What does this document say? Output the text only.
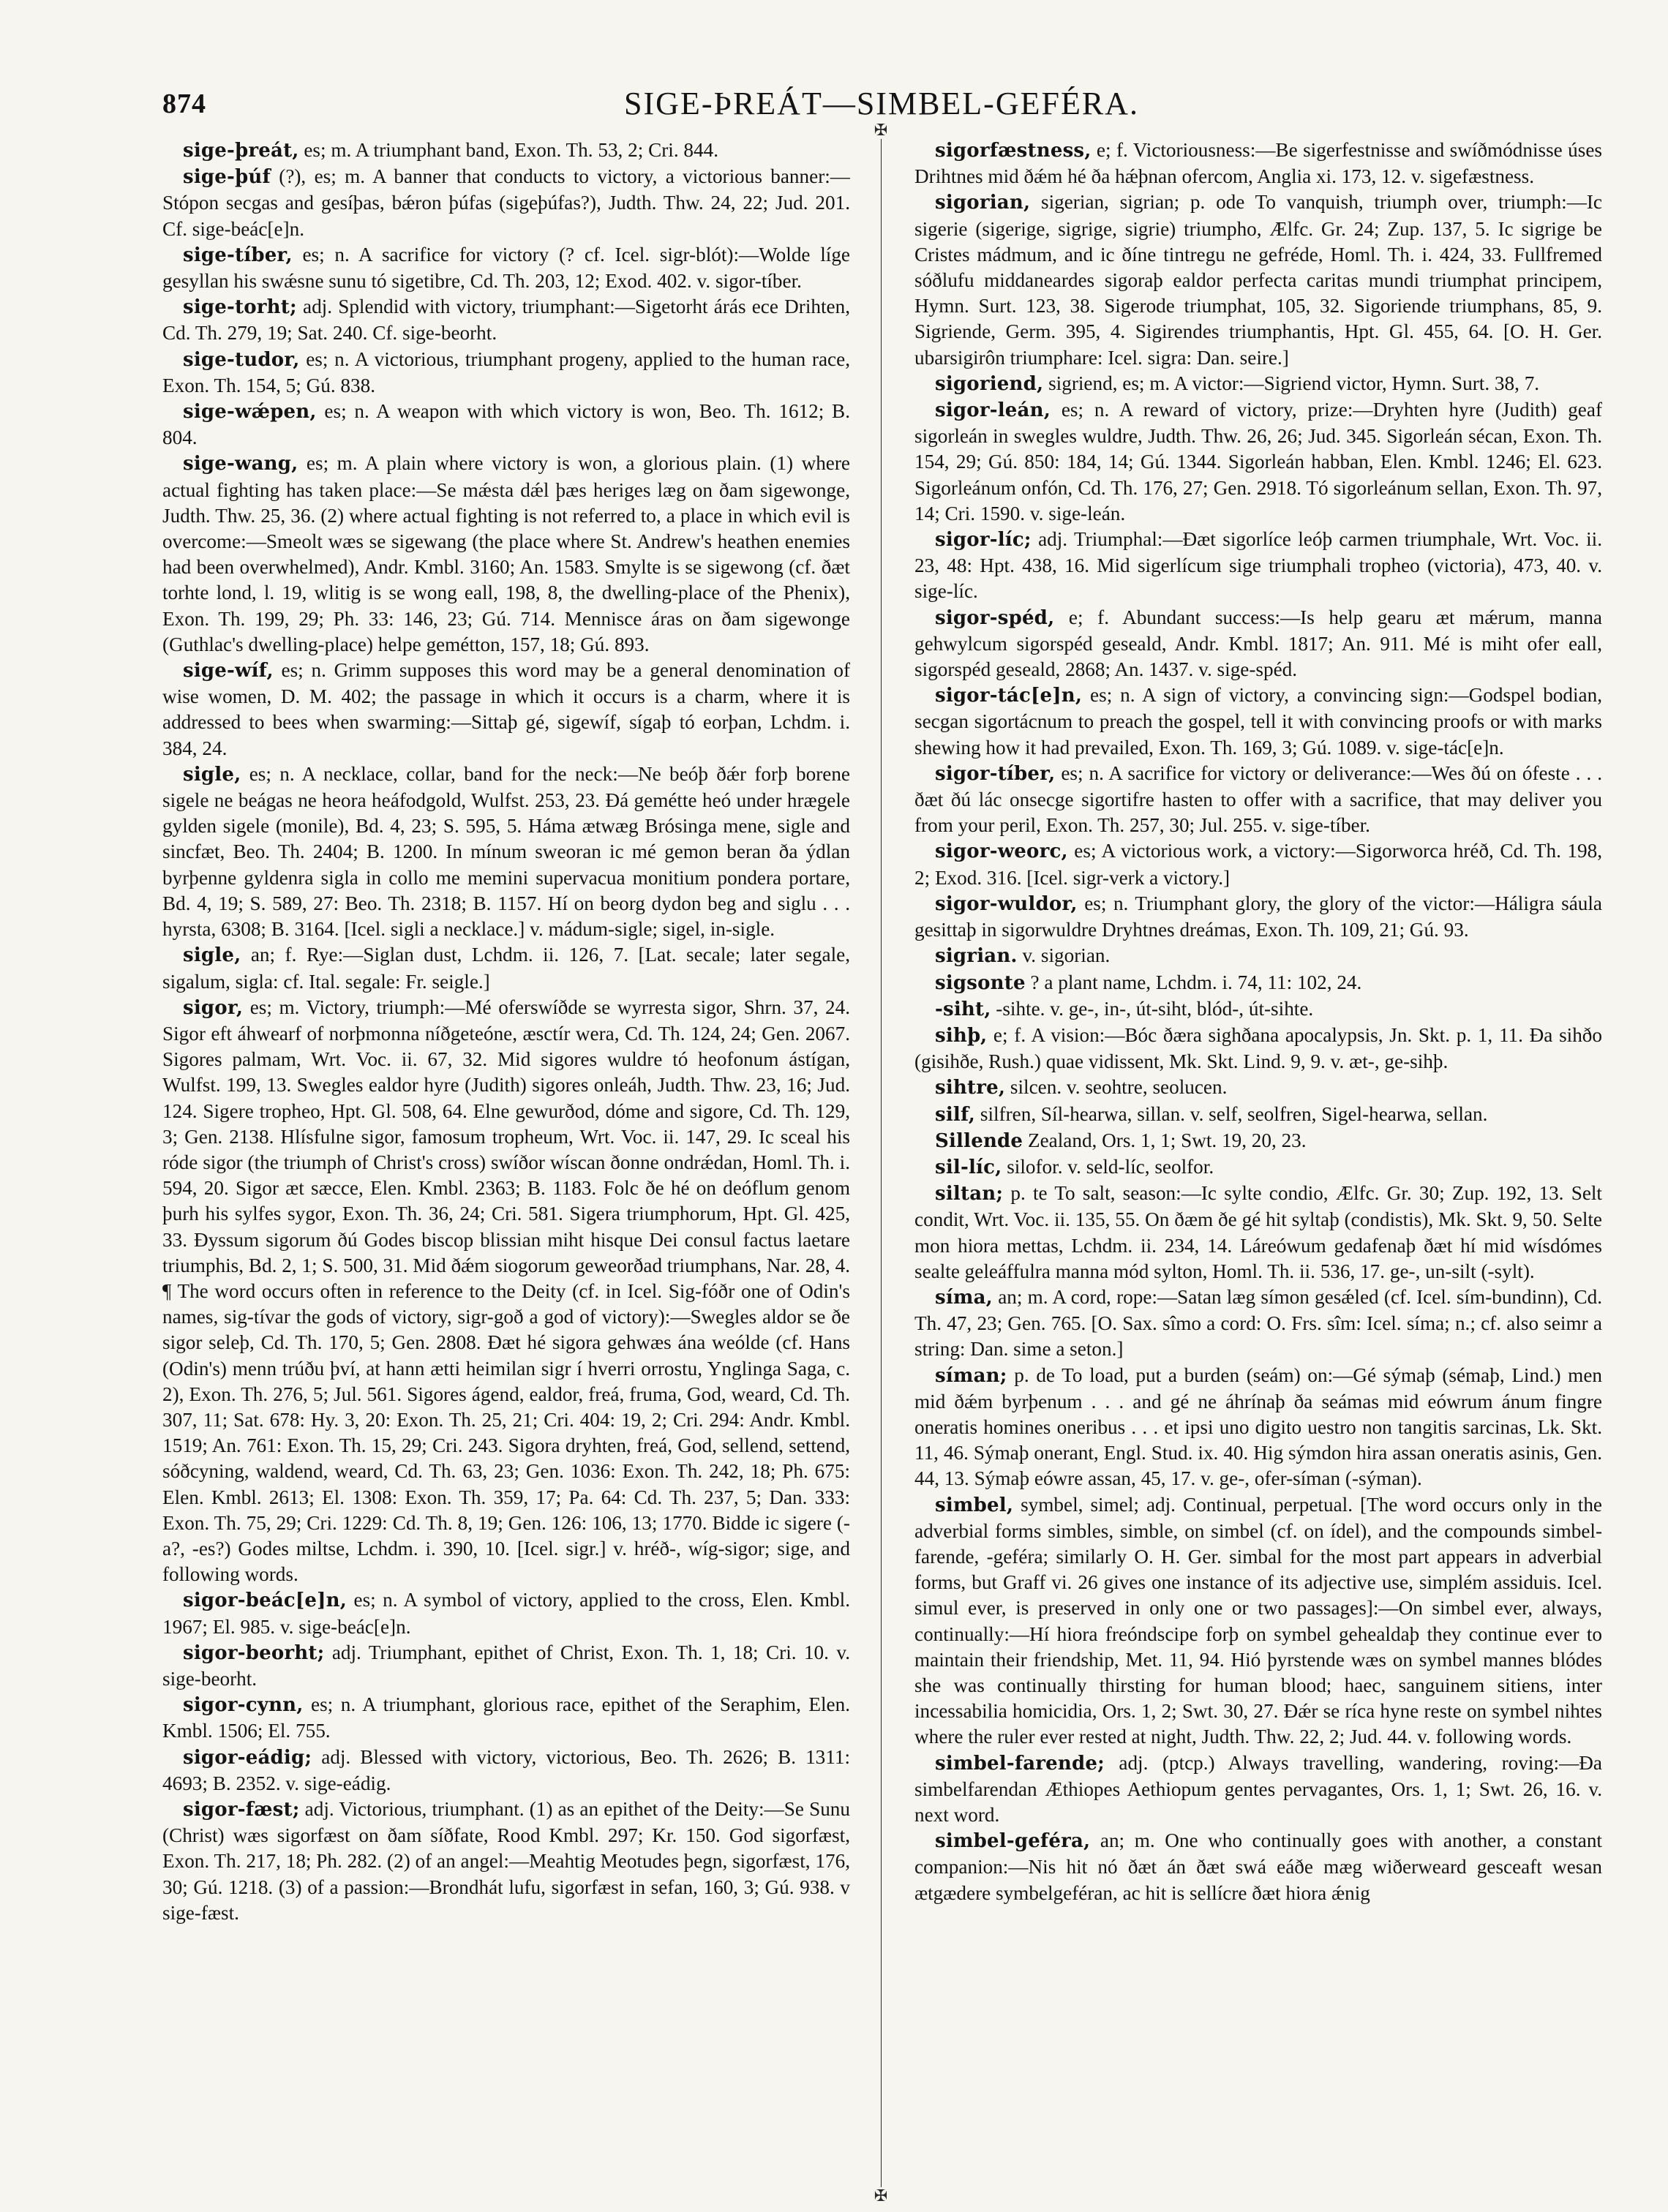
874	SIGE-ÞREÁT—SIMBEL-GEFÉRA.

sige-þreát, es; m. A triumphant band, Exon. Th. 53, 2; Cri. 844.

sige-þúf (?), es; m. A banner that conducts to victory, a victorious banner:—Stópon secgas and gesíþas, bǽron þúfas (sigeþúfas?), Judth. Thw. 24, 22; Jud. 201. Cf. sige-beác[e]n.

sige-tíber, es; n. A sacrifice for victory (? cf. Icel. sigr-blót):—Wolde líge gesyllan his swǽsne sunu tó sigetibre, Cd. Th. 203, 12; Exod. 402. v. sigor-tíber.

sige-torht; adj. Splendid with victory, triumphant:—Sigetorht árás ece Drihten, Cd. Th. 279, 19; Sat. 240. Cf. sige-beorht.

sige-tudor, es; n. A victorious, triumphant progeny, applied to the human race, Exon. Th. 154, 5; Gú. 838.

sige-wǽpen, es; n. A weapon with which victory is won, Beo. Th. 1612; B. 804.

sige-wang, es; m. A plain where victory is won, a glorious plain. (1) where actual fighting has taken place:—Se mǽsta dǽl þæs heriges læg on ðam sigewonge, Judth. Thw. 25, 36. (2) where actual fighting is not referred to, a place in which evil is overcome:—Smeolt wæs se sigewang (the place where St. Andrew's heathen enemies had been overwhelmed), Andr. Kmbl. 3160; An. 1583. Smylte is se sigewong (cf. ðæt torhte lond, l. 19, wlitig is se wong eall, 198, 8, the dwelling-place of the Phenix), Exon. Th. 199, 29; Ph. 33: 146, 23; Gú. 714. Mennisce áras on ðam sigewonge (Guthlac's dwelling-place) helpe gemétton, 157, 18; Gú. 893.

sige-wíf, es; n. Grimm supposes this word may be a general denomination of wise women, D. M. 402; the passage in which it occurs is a charm, where it is addressed to bees when swarming:—Sittaþ gé, sigewíf, sígaþ tó eorþan, Lchdm. i. 384, 24.

sigle, es; n. A necklace, collar, band for the neck:—Ne beóþ ðǽr forþ borene sigele ne beágas ne heora heáfodgold, Wulfst. 253, 23. Ðá gemétte heó under hrægele gylden sigele (monile), Bd. 4, 23; S. 595, 5. Háma ætwæg Brósinga mene, sigle and sincfæt, Beo. Th. 2404; B. 1200. In mínum sweoran ic mé gemon beran ða ýdlan byrþenne gyldenra sigla in collo me memini supervacua monitium pondera portare, Bd. 4, 19; S. 589, 27: Beo. Th. 2318; B. 1157. Hí on beorg dydon beg and siglu . . . hyrsta, 6308; B. 3164. [Icel. sigli a necklace.] v. mádum-sigle; sigel, in-sigle.

sigle, an; f. Rye:—Siglan dust, Lchdm. ii. 126, 7. [Lat. secale; later segale, sigalum, sigla: cf. Ital. segale: Fr. seigle.]

sigor, es; m. Victory, triumph:—Mé oferswíðde se wyrresta sigor, Shrn. 37, 24. Sigor eft áhwearf of norþmonna níðgeteóne, æsctír wera, Cd. Th. 124, 24; Gen. 2067. Sigores palmam, Wrt. Voc. ii. 67, 32. Mid sigores wuldre tó heofonum ástígan, Wulfst. 199, 13. Swegles ealdor hyre (Judith) sigores onleáh, Judth. Thw. 23, 16; Jud. 124. Sigere tropheo, Hpt. Gl. 508, 64. Elne gewurðod, dóme and sigore, Cd. Th. 129, 3; Gen. 2138. Hlísfulne sigor, famosum tropheum, Wrt. Voc. ii. 147, 29. Ic sceal his róde sigor (the triumph of Christ's cross) swíðor wíscan ðonne ondrǽdan, Homl. Th. i. 594, 20. Sigor æt sæcce, Elen. Kmbl. 2363; B. 1183. Folc ðe hé on deóflum genom þurh his sylfes sygor, Exon. Th. 36, 24; Cri. 581. Sigera triumphorum, Hpt. Gl. 425, 33. Ðyssum sigorum ðú Godes biscop blissian miht hisque Dei consul factus laetare triumphis, Bd. 2, 1; S. 500, 31. Mid ðǽm siogorum geweorðad triumphans, Nar. 28, 4. ¶ The word occurs often in reference to the Deity (cf. in Icel. Sig-fóðr one of Odin's names, sig-tívar the gods of victory, sigr-goð a god of victory):—Swegles aldor se ðe sigor seleþ, Cd. Th. 170, 5; Gen. 2808. Ðæt hé sigora gehwæs ána weólde (cf. Hans (Odin's) menn trúðu því, at hann ætti heimilan sigr í hverri orrostu, Ynglinga Saga, c. 2), Exon. Th. 276, 5; Jul. 561. Sigores ágend, ealdor, freá, fruma, God, weard, Cd. Th. 307, 11; Sat. 678: Hy. 3, 20: Exon. Th. 25, 21; Cri. 404: 19, 2; Cri. 294: Andr. Kmbl. 1519; An. 761: Exon. Th. 15, 29; Cri. 243. Sigora dryhten, freá, God, sellend, settend, sóðcyning, waldend, weard, Cd. Th. 63, 23; Gen. 1036: Exon. Th. 242, 18; Ph. 675: Elen. Kmbl. 2613; El. 1308: Exon. Th. 359, 17; Pa. 64: Cd. Th. 237, 5; Dan. 333: Exon. Th. 75, 29; Cri. 1229: Cd. Th. 8, 19; Gen. 126: 106, 13; 1770. Bidde ic sigere (-a?, -es?) Godes miltse, Lchdm. i. 390, 10. [Icel. sigr.] v. hréð-, wíg-sigor; sige, and following words.

sigor-beác[e]n, es; n. A symbol of victory, applied to the cross, Elen. Kmbl. 1967; El. 985. v. sige-beác[e]n.

sigor-beorht; adj. Triumphant, epithet of Christ, Exon. Th. 1, 18; Cri. 10. v. sige-beorht.

sigor-cynn, es; n. A triumphant, glorious race, epithet of the Seraphim, Elen. Kmbl. 1506; El. 755.

sigor-eádig; adj. Blessed with victory, victorious, Beo. Th. 2626; B. 1311: 4693; B. 2352. v. sige-eádig.

sigor-fæst; adj. Victorious, triumphant. (1) as an epithet of the Deity:—Se Sunu (Christ) wæs sigorfæst on ðam síðfate, Rood Kmbl. 297; Kr. 150. God sigorfæst, Exon. Th. 217, 18; Ph. 282. (2) of an angel:—Meahtig Meotudes þegn, sigorfæst, 176, 30; Gú. 1218. (3) of a passion:—Brondhát lufu, sigorfæst in sefan, 160, 3; Gú. 938. v sige-fæst.

✠
✠

sigorfæstness, e; f. Victoriousness:—Be sigerfestnisse and swíðmódnisse úses Drihtnes mid ðǽm hé ða hǽþnan ofercom, Anglia xi. 173, 12. v. sigefæstness.

sigorian, sigerian, sigrian; p. ode To vanquish, triumph over, triumph:—Ic sigerie (sigerige, sigrige, sigrie) triumpho, Ælfc. Gr. 24; Zup. 137, 5. Ic sigrige be Cristes mádmum, and ic ðíne tintregu ne gefréde, Homl. Th. i. 424, 33. Fullfremed sóðlufu middaneardes sigoraþ ealdor perfecta caritas mundi triumphat principem, Hymn. Surt. 123, 38. Sigerode triumphat, 105, 32. Sigoriende triumphans, 85, 9. Sigriende, Germ. 395, 4. Sigirendes triumphantis, Hpt. Gl. 455, 64. [O. H. Ger. ubarsigirôn triumphare: Icel. sigra: Dan. seire.]

sigoriend, sigriend, es; m. A victor:—Sigriend victor, Hymn. Surt. 38, 7.

sigor-leán, es; n. A reward of victory, prize:—Dryhten hyre (Judith) geaf sigorleán in swegles wuldre, Judth. Thw. 26, 26; Jud. 345. Sigorleán sécan, Exon. Th. 154, 29; Gú. 850: 184, 14; Gú. 1344. Sigorleán habban, Elen. Kmbl. 1246; El. 623. Sigorleánum onfón, Cd. Th. 176, 27; Gen. 2918. Tó sigorleánum sellan, Exon. Th. 97, 14; Cri. 1590. v. sige-leán.

sigor-líc; adj. Triumphal:—Ðæt sigorlíce leóþ carmen triumphale, Wrt. Voc. ii. 23, 48: Hpt. 438, 16. Mid sigerlícum sige triumphali tropheo (victoria), 473, 40. v. sige-líc.

sigor-spéd, e; f. Abundant success:—Is help gearu æt mǽrum, manna gehwylcum sigorspéd geseald, Andr. Kmbl. 1817; An. 911. Mé is miht ofer eall, sigorspéd geseald, 2868; An. 1437. v. sige-spéd.

sigor-tác[e]n, es; n. A sign of victory, a convincing sign:—Godspel bodian, secgan sigortácnum to preach the gospel, tell it with convincing proofs or with marks shewing how it had prevailed, Exon. Th. 169, 3; Gú. 1089. v. sige-tác[e]n.

sigor-tíber, es; n. A sacrifice for victory or deliverance:—Wes ðú on ófeste . . . ðæt ðú lác onsecge sigortifre hasten to offer with a sacrifice, that may deliver you from your peril, Exon. Th. 257, 30; Jul. 255. v. sige-tíber.

sigor-weorc, es; A victorious work, a victory:—Sigorworca hréð, Cd. Th. 198, 2; Exod. 316. [Icel. sigr-verk a victory.]

sigor-wuldor, es; n. Triumphant glory, the glory of the victor:—Háligra sáula gesittaþ in sigorwuldre Dryhtnes dreámas, Exon. Th. 109, 21; Gú. 93.

sigrian. v. sigorian.

sigsonte ? a plant name, Lchdm. i. 74, 11: 102, 24.

-siht, -sihte. v. ge-, in-, út-siht, blód-, út-sihte.

sihþ, e; f. A vision:—Bóc ðæra sighðana apocalypsis, Jn. Skt. p. 1, 11. Ða sihðo (gisihðe, Rush.) quae vidissent, Mk. Skt. Lind. 9, 9. v. æt-, ge-sihþ.

sihtre, silcen. v. seohtre, seolucen.

silf, silfren, Síl-hearwa, sillan. v. self, seolfren, Sigel-hearwa, sellan.

Sillende Zealand, Ors. 1, 1; Swt. 19, 20, 23.

sil-líc, silofor. v. seld-líc, seolfor.

siltan; p. te To salt, season:—Ic sylte condio, Ælfc. Gr. 30; Zup. 192, 13. Selt condit, Wrt. Voc. ii. 135, 55. On ðæm ðe gé hit syltaþ (condistis), Mk. Skt. 9, 50. Selte mon hiora mettas, Lchdm. ii. 234, 14. Láreówum gedafenaþ ðæt hí mid wísdómes sealte geleáffulra manna mód sylton, Homl. Th. ii. 536, 17. ge-, un-silt (-sylt).

síma, an; m. A cord, rope:—Satan læg símon gesǽled (cf. Icel. sím-bundinn), Cd. Th. 47, 23; Gen. 765. [O. Sax. sîmo a cord: O. Frs. sîm: Icel. síma; n.; cf. also seimr a string: Dan. sime a seton.]

síman; p. de To load, put a burden (seám) on:—Gé sýmaþ (sémaþ, Lind.) men mid ðǽm byrþenum . . . and gé ne áhrínaþ ða seámas mid eówrum ánum fingre oneratis homines oneribus . . . et ipsi uno digito uestro non tangitis sarcinas, Lk. Skt. 11, 46. Sýmaþ onerant, Engl. Stud. ix. 40. Hig sýmdon hira assan oneratis asinis, Gen. 44, 13. Sýmaþ eówre assan, 45, 17. v. ge-, ofer-síman (-sýman).

simbel, symbel, simel; adj. Continual, perpetual. [The word occurs only in the adverbial forms simbles, simble, on simbel (cf. on ídel), and the compounds simbel-farende, -geféra; similarly O. H. Ger. simbal for the most part appears in adverbial forms, but Graff vi. 26 gives one instance of its adjective use, simplém assiduis. Icel. simul ever, is preserved in only one or two passages]:—On simbel ever, always, continually:—Hí hiora freóndscipe forþ on symbel gehealdaþ they continue ever to maintain their friendship, Met. 11, 94. Hió þyrstende wæs on symbel mannes blódes she was continually thirsting for human blood; haec, sanguinem sitiens, inter incessabilia homicidia, Ors. 1, 2; Swt. 30, 27. Ðǽr se ríca hyne reste on symbel nihtes where the ruler ever rested at night, Judth. Thw. 22, 2; Jud. 44. v. following words.

simbel-farende; adj. (ptcp.) Always travelling, wandering, roving:—Ða simbelfarendan Æthiopes Aethiopum gentes pervagantes, Ors. 1, 1; Swt. 26, 16. v. next word.

simbel-geféra, an; m. One who continually goes with another, a constant companion:—Nis hit nó ðæt án ðæt swá eáðe mæg wiðerweard gesceaft wesan ætgædere symbelgeféran, ac hit is sellícre ðæt hiora ǽnig
